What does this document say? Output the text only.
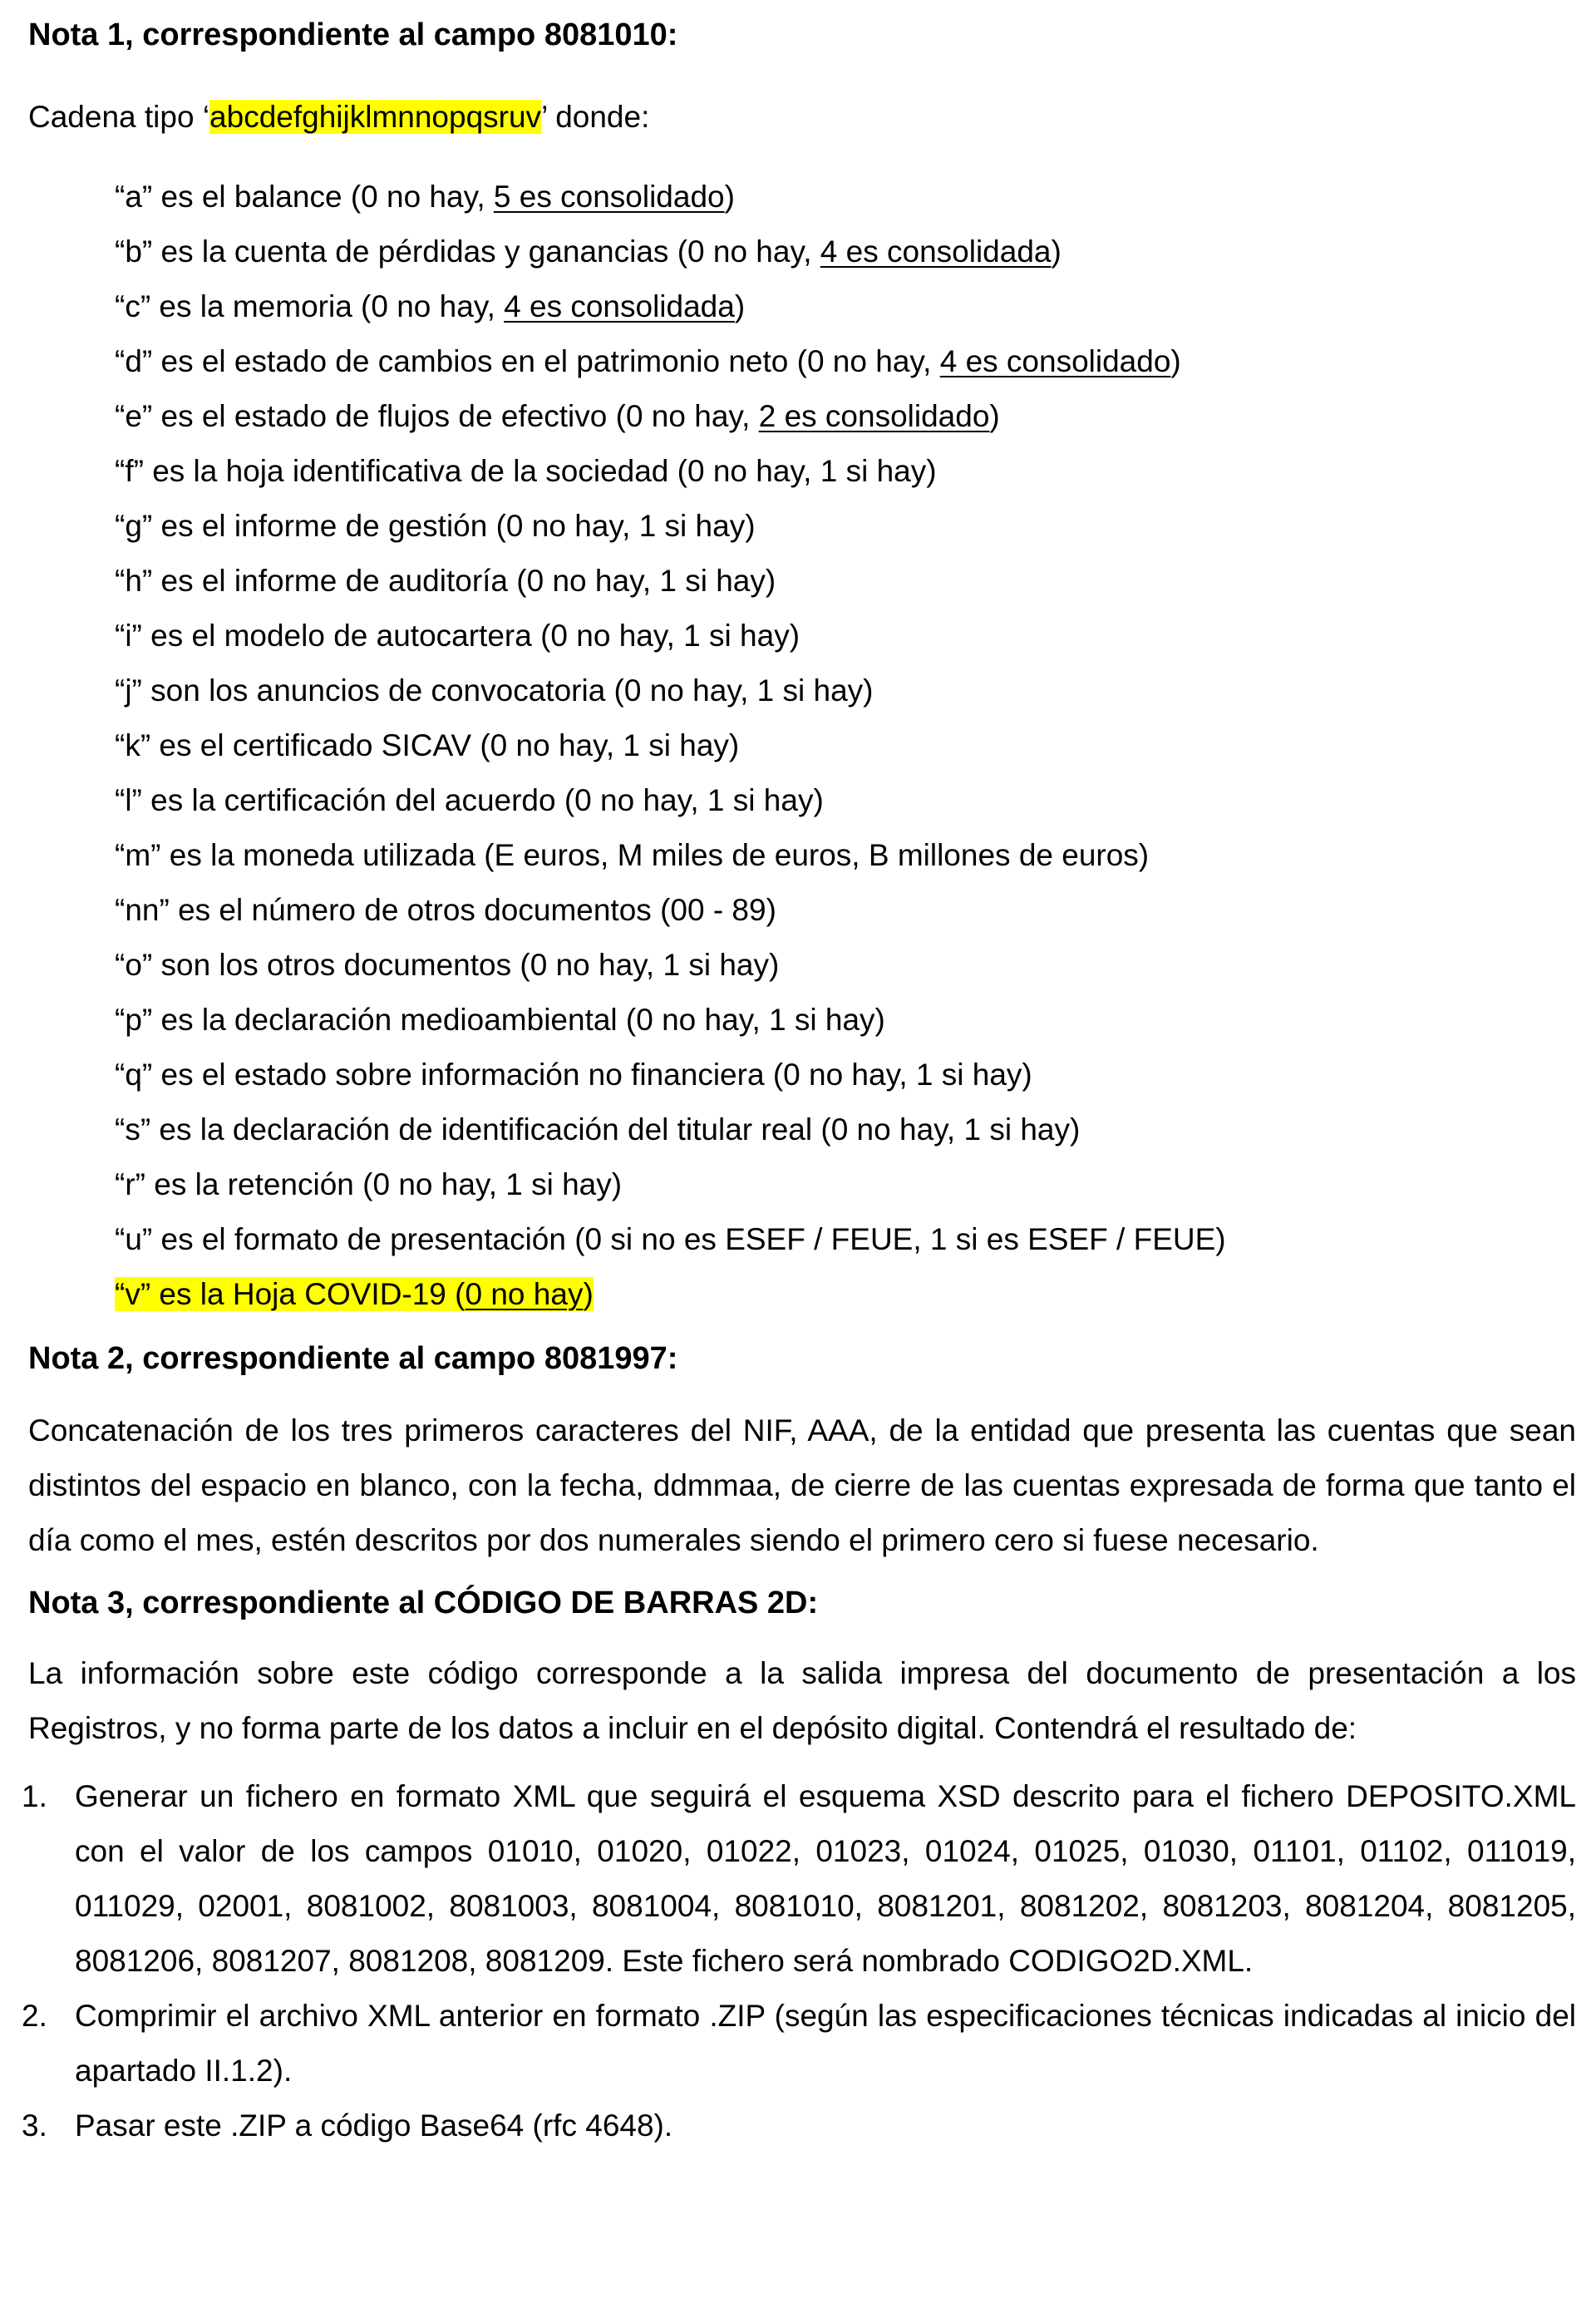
Nota 1, correspondiente al campo 8081010:

Cadena tipo ‘abcdefghijklmnnopqsruv’ donde:

“a” es el balance (0 no hay, 5 es consolidado)
“b” es la cuenta de pérdidas y ganancias (0 no hay, 4 es consolidada)
“c” es la memoria (0 no hay, 4 es consolidada)
“d” es el estado de cambios en el patrimonio neto (0 no hay, 4 es consolidado)
“e” es el estado de flujos de efectivo (0 no hay, 2 es consolidado)
“f” es la hoja identificativa de la sociedad (0 no hay, 1 si hay)
“g” es el informe de gestión (0 no hay, 1 si hay)
“h” es el informe de auditoría (0 no hay, 1 si hay)
“i” es el modelo de autocartera (0 no hay, 1 si hay)
“j” son los anuncios de convocatoria (0 no hay, 1 si hay)
“k” es el certificado SICAV (0 no hay, 1 si hay)
“l” es la certificación del acuerdo (0 no hay, 1 si hay)
“m” es la moneda utilizada (E euros, M miles de euros, B millones de euros)
“nn” es el número de otros documentos (00 - 89)
“o” son los otros documentos (0 no hay, 1 si hay)
“p” es la declaración medioambiental (0 no hay, 1 si hay)
“q” es el estado sobre información no financiera (0 no hay, 1 si hay)
“s” es la declaración de identificación del titular real (0 no hay, 1 si hay)
“r” es la retención (0 no hay, 1 si hay)
“u” es el formato de presentación (0 si no es ESEF / FEUE, 1 si es ESEF / FEUE)
“v” es la Hoja COVID-19 (0 no hay)

Nota 2, correspondiente al campo 8081997:

Concatenación de los tres primeros caracteres del NIF, AAA, de la entidad que presenta las cuentas que sean distintos del espacio en blanco, con la fecha, ddmmaa, de cierre de las cuentas expresada de forma que tanto el día como el mes, estén descritos por dos numerales siendo el primero cero si fuese necesario.

Nota 3, correspondiente al CÓDIGO DE BARRAS 2D:

La información sobre este código corresponde a la salida impresa del documento de presentación a los Registros, y no forma parte de los datos a incluir en el depósito digital. Contendrá el resultado de:

1. Generar un fichero en formato XML que seguirá el esquema XSD descrito para el fichero DEPOSITO.XML con el valor de los campos 01010, 01020, 01022, 01023, 01024, 01025, 01030, 01101, 01102, 011019, 011029, 02001, 8081002, 8081003, 8081004, 8081010, 8081201, 8081202, 8081203, 8081204, 8081205, 8081206, 8081207, 8081208, 8081209. Este fichero será nombrado CODIGO2D.XML.
2. Comprimir el archivo XML anterior en formato .ZIP (según las especificaciones técnicas indicadas al inicio del apartado II.1.2).
3. Pasar este .ZIP a código Base64 (rfc 4648).
